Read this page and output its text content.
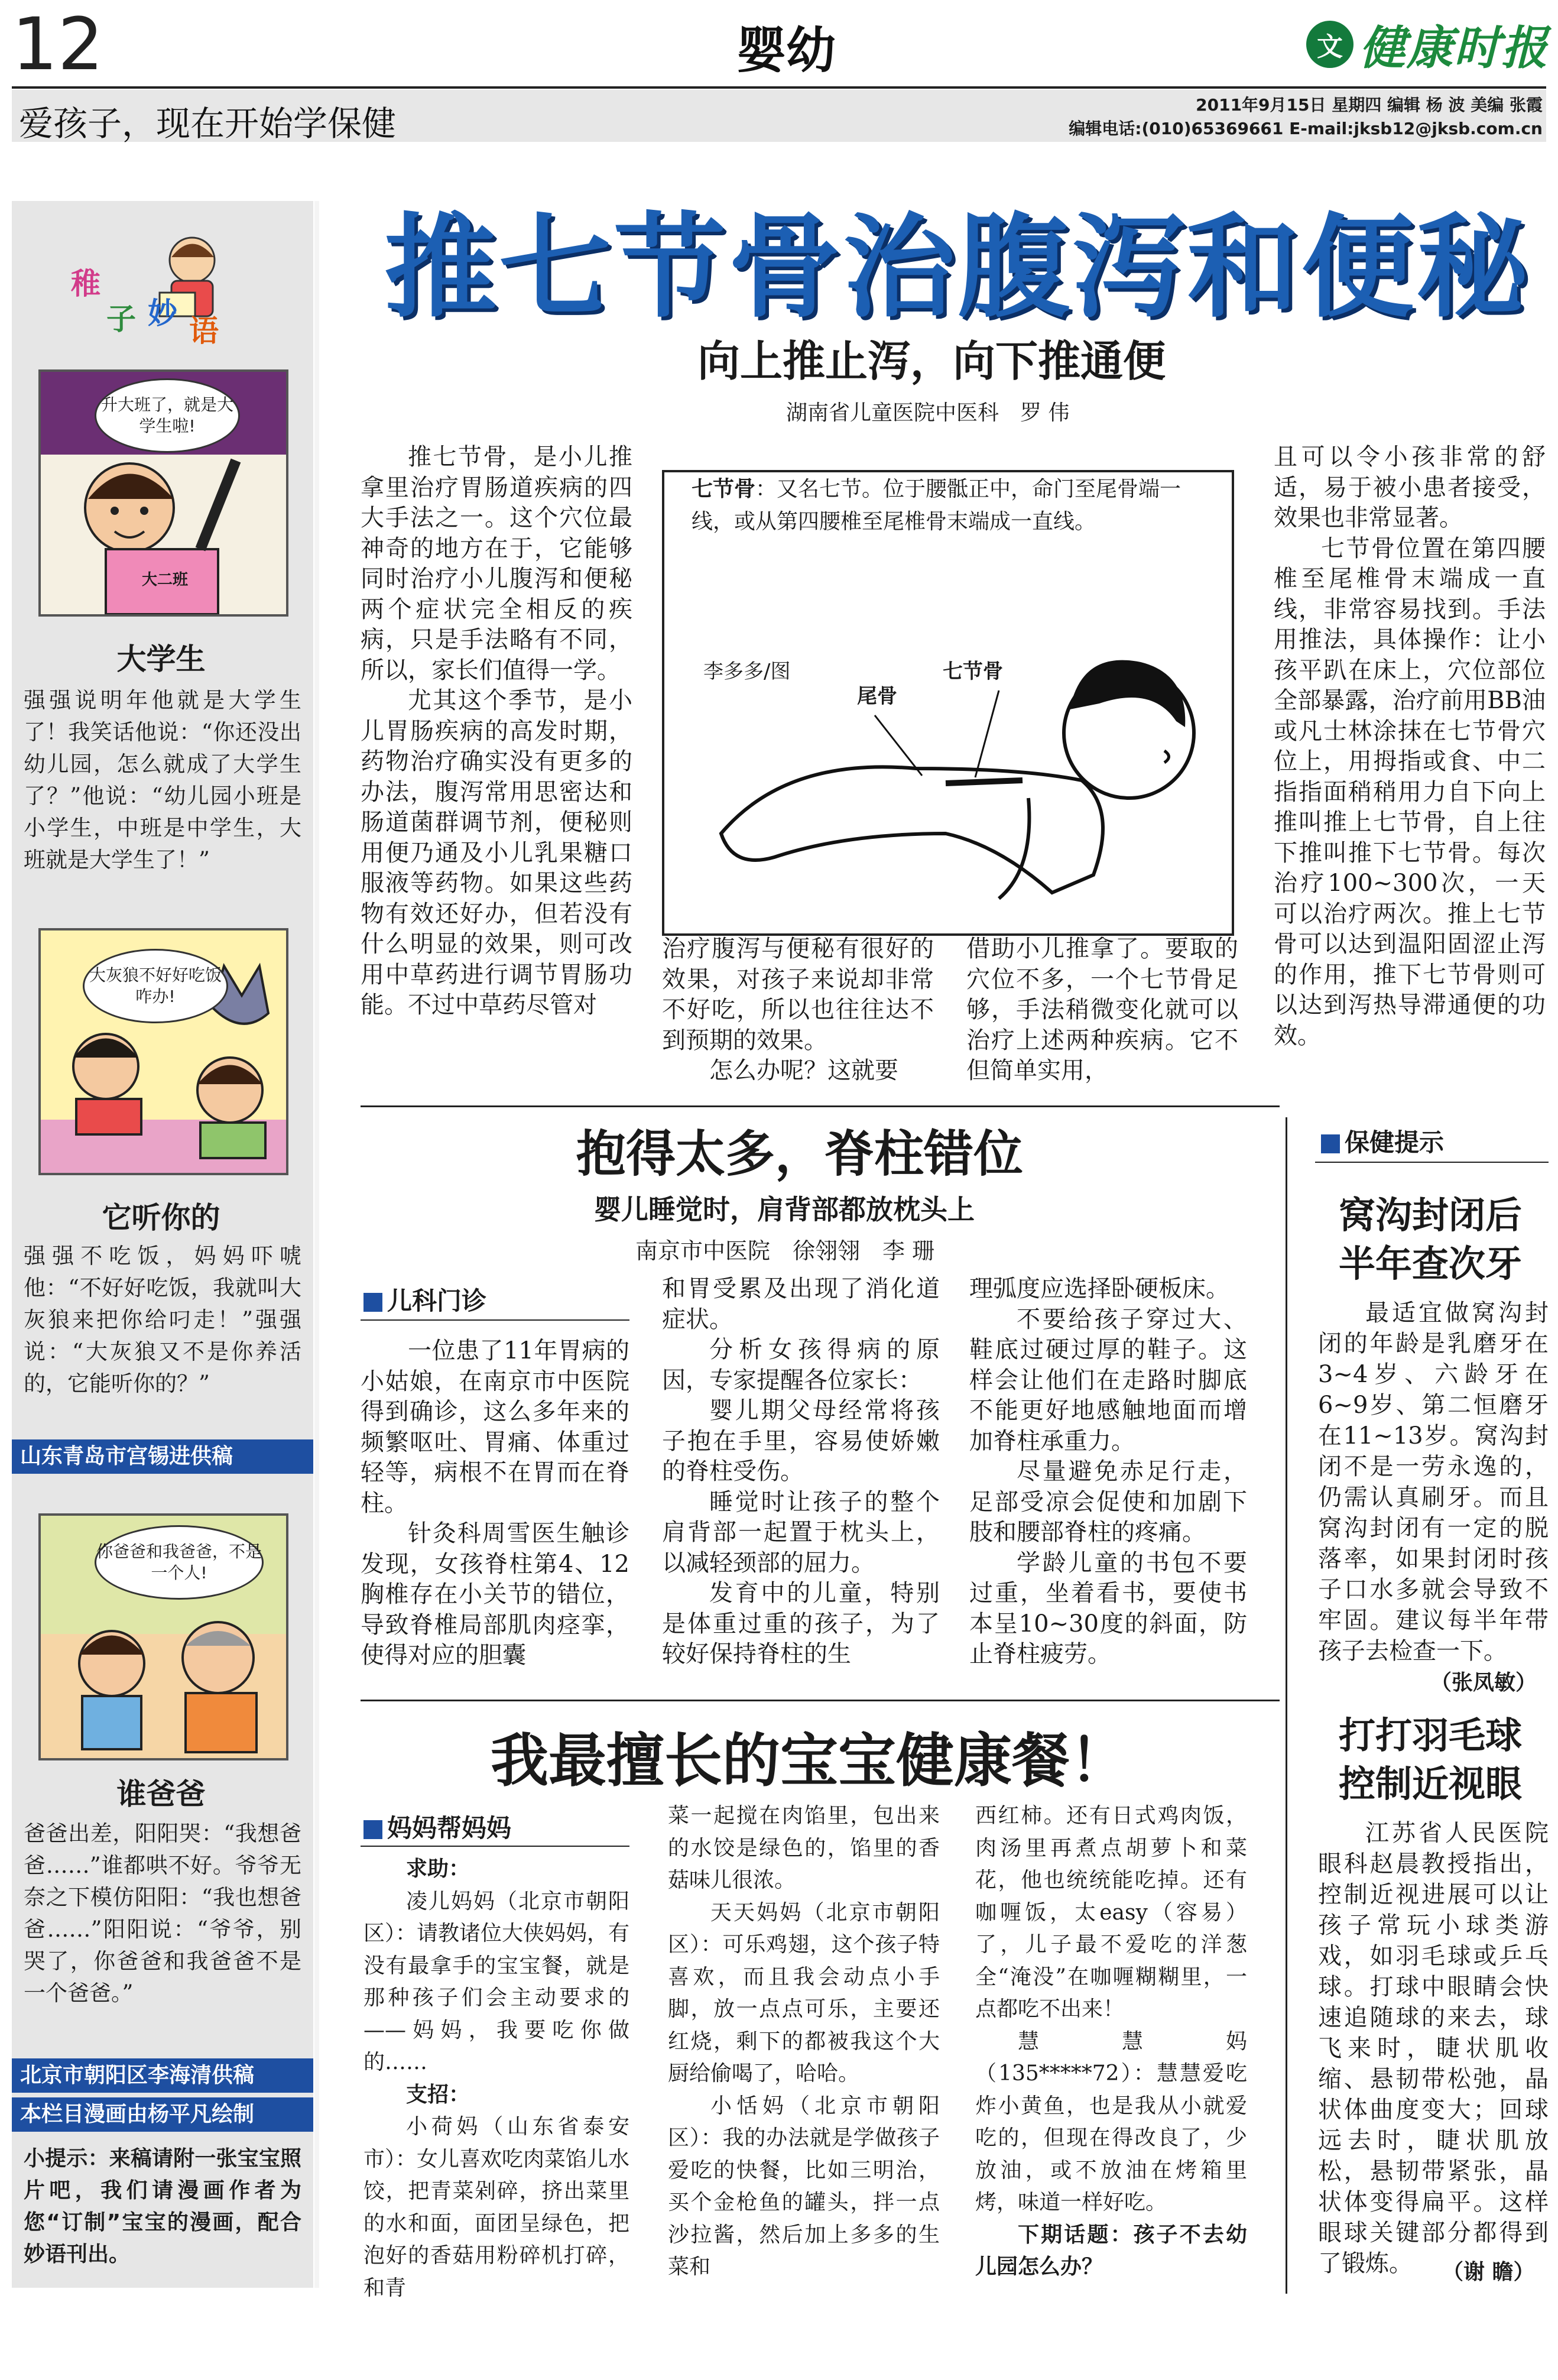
12	婴幼	文 健康时报
爱孩子，现在开始学保健	2011年9月15日 星期四 编辑 杨 波 美编 张霞
编辑电话:(010)65369661 E-mail:jksb12@jksb.com.cn
稚
子 妙
语
升大班了，就是大学生啦!
大二班
大学生
强强说明年他就是大学生了！我笑话他说：“你还没出幼儿园，怎么就成了大学生了？”他说：“幼儿园小班是小学生，中班是中学生，大班就是大学生了！”
大灰狼不好好吃饭咋办!
它听你的
强强不吃饭，妈妈吓唬他：“不好好吃饭，我就叫大灰狼来把你给叼走！”强强说：“大灰狼又不是你养活的，它能听你的？”
山东青岛市宫锡进供稿
你爸爸和我爸爸，不是一个人!
谁爸爸
爸爸出差，阳阳哭：“我想爸爸……”谁都哄不好。爷爷无奈之下模仿阳阳：“我也想爸爸……”阳阳说：“爷爷，别哭了，你爸爸和我爸爸不是一个爸爸。”
北京市朝阳区李海清供稿
本栏目漫画由杨平凡绘制
小提示：来稿请附一张宝宝照片吧，我们请漫画作者为您“订制”宝宝的漫画，配合妙语刊出。
推七节骨治腹泻和便秘
向上推止泻，向下推通便
湖南省儿童医院中医科　罗 伟

推七节骨，是小儿推拿里治疗胃肠道疾病的四大手法之一。这个穴位最神奇的地方在于，它能够同时治疗小儿腹泻和便秘两个症状完全相反的疾病，只是手法略有不同，所以，家长们值得一学。

尤其这个季节，是小儿胃肠疾病的高发时期，药物治疗确实没有更多的办法，腹泻常用思密达和肠道菌群调节剂，便秘则用便乃通及小儿乳果糖口服液等药物。如果这些药物有效还好办，但若没有什么明显的效果，则可改用中草药进行调节胃肠功能。不过中草药尽管对

七节骨：又名七节。位于腰骶正中，命门至尾骨端一线，或从第四腰椎至尾椎骨末端成一直线。
李多多/图	七节骨
尾骨

治疗腹泻与便秘有很好的效果，对孩子来说却非常不好吃，所以也往往达不到预期的效果。

怎么办呢？这就要

借助小儿推拿了。要取的穴位不多，一个七节骨足够，手法稍微变化就可以治疗上述两种疾病。它不但简单实用，

且可以令小孩非常的舒适，易于被小患者接受，效果也非常显著。

七节骨位置在第四腰椎至尾椎骨末端成一直线，非常容易找到。手法用推法，具体操作：让小孩平趴在床上，穴位部位全部暴露，治疗前用BB油或凡士林涂抹在七节骨穴位上，用拇指或食、中二指指面稍稍用力自下向上推叫推上七节骨，自上往下推叫推下七节骨。每次治疗100~300次，一天可以治疗两次。推上七节骨可以达到温阳固涩止泻的作用，推下七节骨则可以达到泻热导滞通便的功效。

抱得太多，脊柱错位
婴儿睡觉时，肩背部都放枕头上
南京市中医院　徐翎翎　李 珊
儿科门诊

一位患了11年胃病的小姑娘，在南京市中医院得到确诊，这么多年来的频繁呕吐、胃痛、体重过轻等，病根不在胃而在脊柱。

针灸科周雪医生触诊发现，女孩脊柱第4、12胸椎存在小关节的错位，导致脊椎局部肌肉痉挛，使得对应的胆囊

和胃受累及出现了消化道症状。

分析女孩得病的原因，专家提醒各位家长：

婴儿期父母经常将孩子抱在手里，容易使娇嫩的脊柱受伤。

睡觉时让孩子的整个肩背部一起置于枕头上，以减轻颈部的屈力。

发育中的儿童，特别是体重过重的孩子，为了较好保持脊柱的生

理弧度应选择卧硬板床。

不要给孩子穿过大、鞋底过硬过厚的鞋子。这样会让他们在走路时脚底不能更好地感触地面而增加脊柱承重力。

尽量避免赤足行走，足部受凉会促使和加剧下肢和腰部脊柱的疼痛。

学龄儿童的书包不要过重，坐着看书，要使书本呈10~30度的斜面，防止脊柱疲劳。

我最擅长的宝宝健康餐！
妈妈帮妈妈

求助：

凌儿妈妈（北京市朝阳区）：请教诸位大侠妈妈，有没有最拿手的宝宝餐，就是那种孩子们会主动要求的——妈妈，我要吃你做的……

支招：

小荷妈（山东省泰安市）：女儿喜欢吃肉菜馅儿水饺，把青菜剁碎，挤出菜里的水和面，面团呈绿色，把泡好的香菇用粉碎机打碎，和青

菜一起搅在肉馅里，包出来的水饺是绿色的，馅里的香菇味儿很浓。

天天妈妈（北京市朝阳区）：可乐鸡翅，这个孩子特喜欢，而且我会动点小手脚，放一点点可乐，主要还红烧，剩下的都被我这个大厨给偷喝了，哈哈。

小恬妈（北京市朝阳区）：我的办法就是学做孩子爱吃的快餐，比如三明治，买个金枪鱼的罐头，拌一点沙拉酱，然后加上多多的生菜和

西红柿。还有日式鸡肉饭，肉汤里再煮点胡萝卜和菜花，他也统统能吃掉。还有咖喱饭，太easy（容易）了，儿子最不爱吃的洋葱全“淹没”在咖喱糊糊里，一点都吃不出来！

慧慧妈（135*****72）：慧慧爱吃炸小黄鱼，也是我从小就爱吃的，但现在得改良了，少放油，或不放油在烤箱里烤，味道一样好吃。

下期话题：孩子不去幼儿园怎么办？

保健提示
窝沟封闭后
半年查次牙
最适宜做窝沟封闭的年龄是乳磨牙在3~4岁、六龄牙在6~9岁、第二恒磨牙在11~13岁。窝沟封闭不是一劳永逸的，仍需认真刷牙。而且窝沟封闭有一定的脱落率，如果封闭时孩子口水多就会导致不牢固。建议每半年带孩子去检查一下。
（张凤敏）
打打羽毛球
控制近视眼
江苏省人民医院眼科赵晨教授指出，控制近视进展可以让孩子常玩小球类游戏，如羽毛球或乒乓球。打球中眼睛会快速追随球的来去，球飞来时，睫状肌收缩、悬韧带松弛，晶状体曲度变大；回球远去时，睫状肌放松，悬韧带紧张，晶状体变得扁平。这样眼球关键部分都得到了锻炼。	（谢 瞻）
